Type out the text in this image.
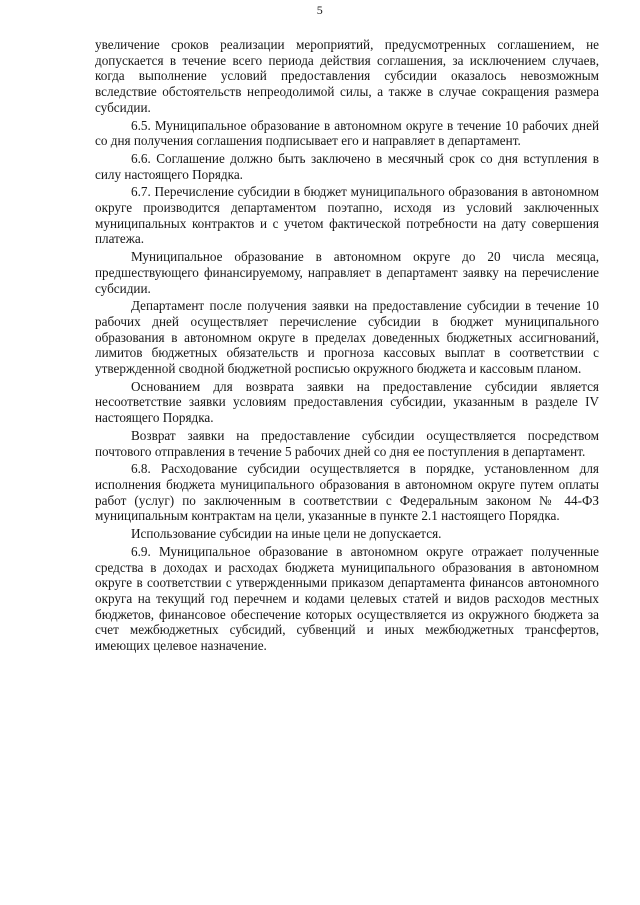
5

увеличение сроков реализации мероприятий, предусмотренных соглашением, не допускается в течение всего периода действия соглашения, за исключением случаев, когда выполнение условий предоставления субсидии оказалось невозможным вследствие обстоятельств непреодолимой силы, а также в случае сокращения размера субсидии.

6.5. Муниципальное образование в автономном округе в течение 10 рабочих дней со дня получения соглашения подписывает его и направляет в департамент.

6.6. Соглашение должно быть заключено в месячный срок со дня вступления в силу настоящего Порядка.

6.7. Перечисление субсидии в бюджет муниципального образования в автономном округе производится департаментом поэтапно, исходя из условий заключенных муниципальных контрактов и с учетом фактической потребности на дату совершения платежа.

Муниципальное образование в автономном округе до 20 числа месяца, предшествующего финансируемому, направляет в департамент заявку на перечисление субсидии.

Департамент после получения заявки на предоставление субсидии в течение 10 рабочих дней осуществляет перечисление субсидии в бюджет муниципального образования в автономном округе в пределах доведенных бюджетных ассигнований, лимитов бюджетных обязательств и прогноза кассовых выплат в соответствии с утвержденной сводной бюджетной росписью окружного бюджета и кассовым планом.

Основанием для возврата заявки на предоставление субсидии является несоответствие заявки условиям предоставления субсидии, указанным в разделе IV настоящего Порядка.

Возврат заявки на предоставление субсидии осуществляется посредством почтового отправления в течение 5 рабочих дней со дня ее поступления в департамент.

6.8. Расходование субсидии осуществляется в порядке, установленном для исполнения бюджета муниципального образования в автономном округе путем оплаты работ (услуг) по заключенным в соответствии с Федеральным законом № 44-ФЗ муниципальным контрактам на цели, указанные в пункте 2.1 настоящего Порядка.

Использование субсидии на иные цели не допускается.

6.9. Муниципальное образование в автономном округе отражает полученные средства в доходах и расходах бюджета муниципального образования в автономном округе в соответствии с утвержденными приказом департамента финансов автономного округа на текущий год перечнем и кодами целевых статей и видов расходов местных бюджетов, финансовое обеспечение которых осуществляется из окружного бюджета за счет межбюджетных субсидий, субвенций и иных межбюджетных трансфертов, имеющих целевое назначение.
